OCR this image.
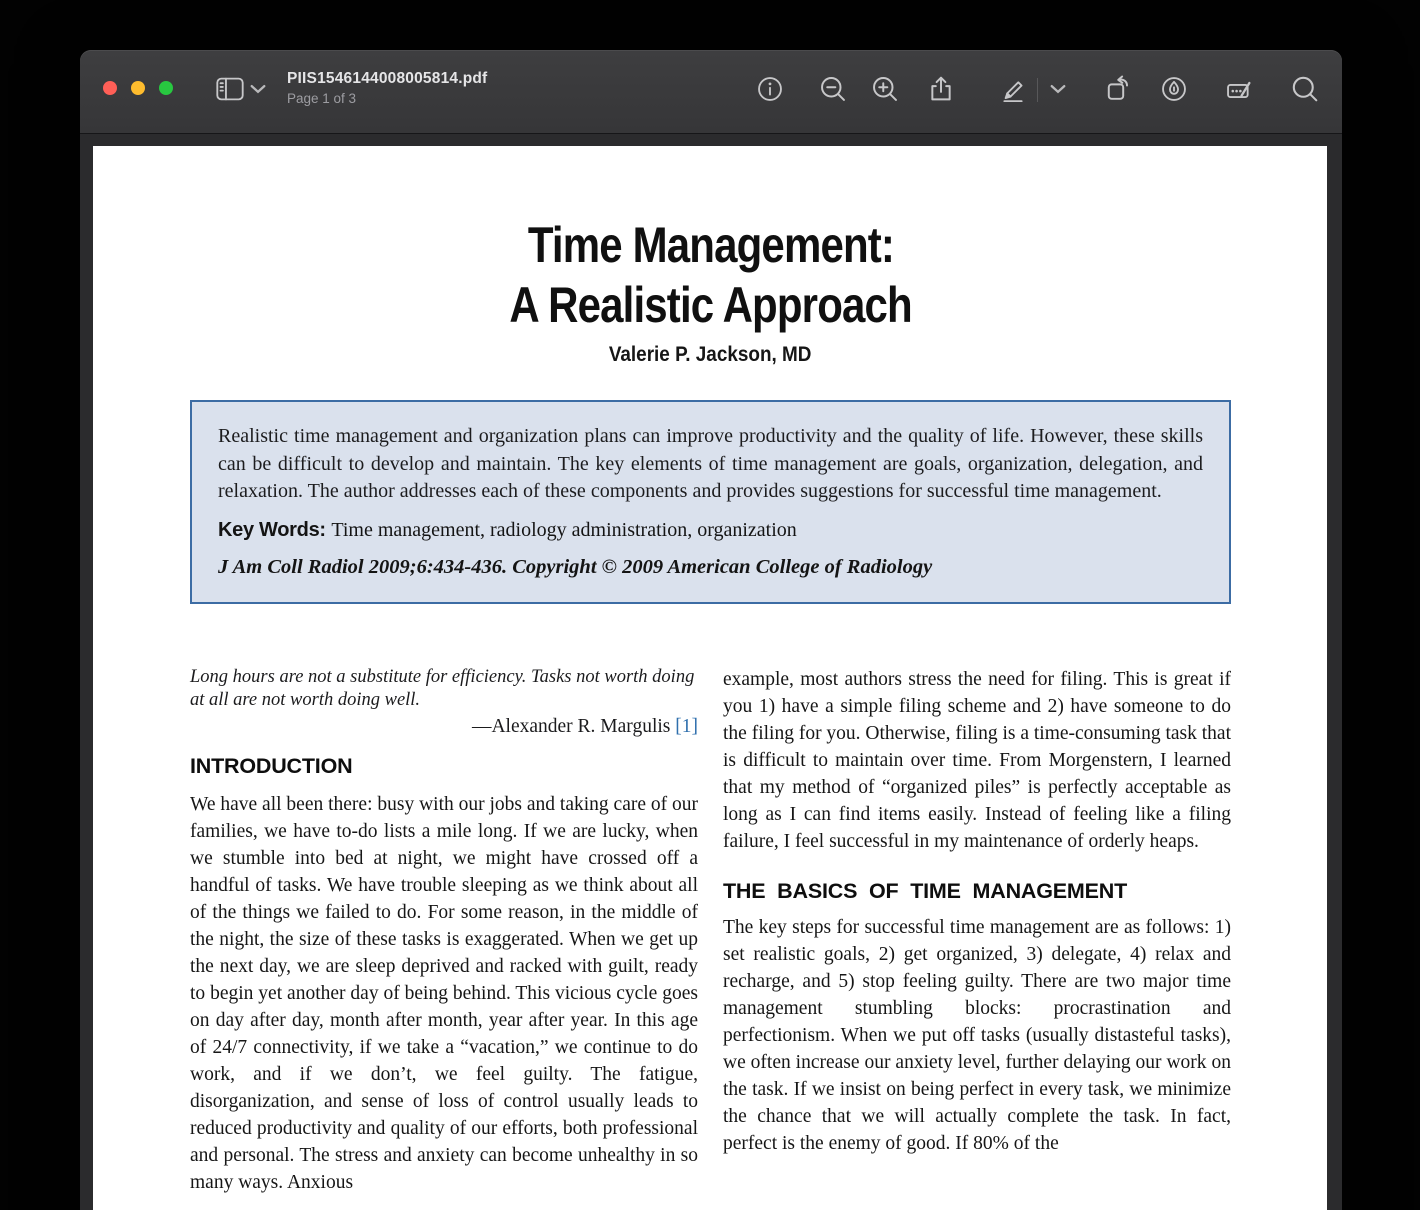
PIIS1546144008005814.pdf
Page 1 of 3
Time Management:
A Realistic Approach
Valerie P. Jackson, MD
Realistic time management and organization plans can improve productivity and the quality of life. However, these skills can be difficult to develop and maintain. The key elements of time management are goals, organization, delegation, and relaxation. The author addresses each of these components and provides suggestions for successful time management.
Key Words: Time management, radiology administration, organization
J Am Coll Radiol 2009;6:434-436. Copyright © 2009 American College of Radiology
Long hours are not a substitute for efficiency. Tasks not worth doing at all are not worth doing well.
—Alexander R. Margulis [1]
INTRODUCTION

We have all been there: busy with our jobs and taking care of our families, we have to-do lists a mile long. If we are lucky, when we stumble into bed at night, we might have crossed off a handful of tasks. We have trouble sleeping as we think about all of the things we failed to do. For some reason, in the middle of the night, the size of these tasks is exaggerated. When we get up the next day, we are sleep deprived and racked with guilt, ready to begin yet another day of being behind. This vicious cycle goes on day after day, month after month, year after year. In this age of 24/7 connectivity, if we take a “vacation,” we continue to do work, and if we don’t, we feel guilty. The fatigue, disorganization, and sense of loss of control usually leads to reduced productivity and quality of our efforts, both professional and personal. The stress and anxiety can become unhealthy in so many ways. Anxious

example, most authors stress the need for filing. This is great if you 1) have a simple filing scheme and 2) have someone to do the filing for you. Otherwise, filing is a time-consuming task that is difficult to maintain over time. From Morgenstern, I learned that my method of “organized piles” is perfectly acceptable as long as I can find items easily. Instead of feeling like a filing failure, I feel successful in my maintenance of orderly heaps.

THE BASICS OF TIME MANAGEMENT

The key steps for successful time management are as follows: 1) set realistic goals, 2) get organized, 3) delegate, 4) relax and recharge, and 5) stop feeling guilty. There are two major time management stumbling blocks: procrastination and perfectionism. When we put off tasks (usually distasteful tasks), we often increase our anxiety level, further delaying our work on the task. If we insist on being perfect in every task, we minimize the chance that we will actually complete the task. In fact, perfect is the enemy of good. If 80% of the
